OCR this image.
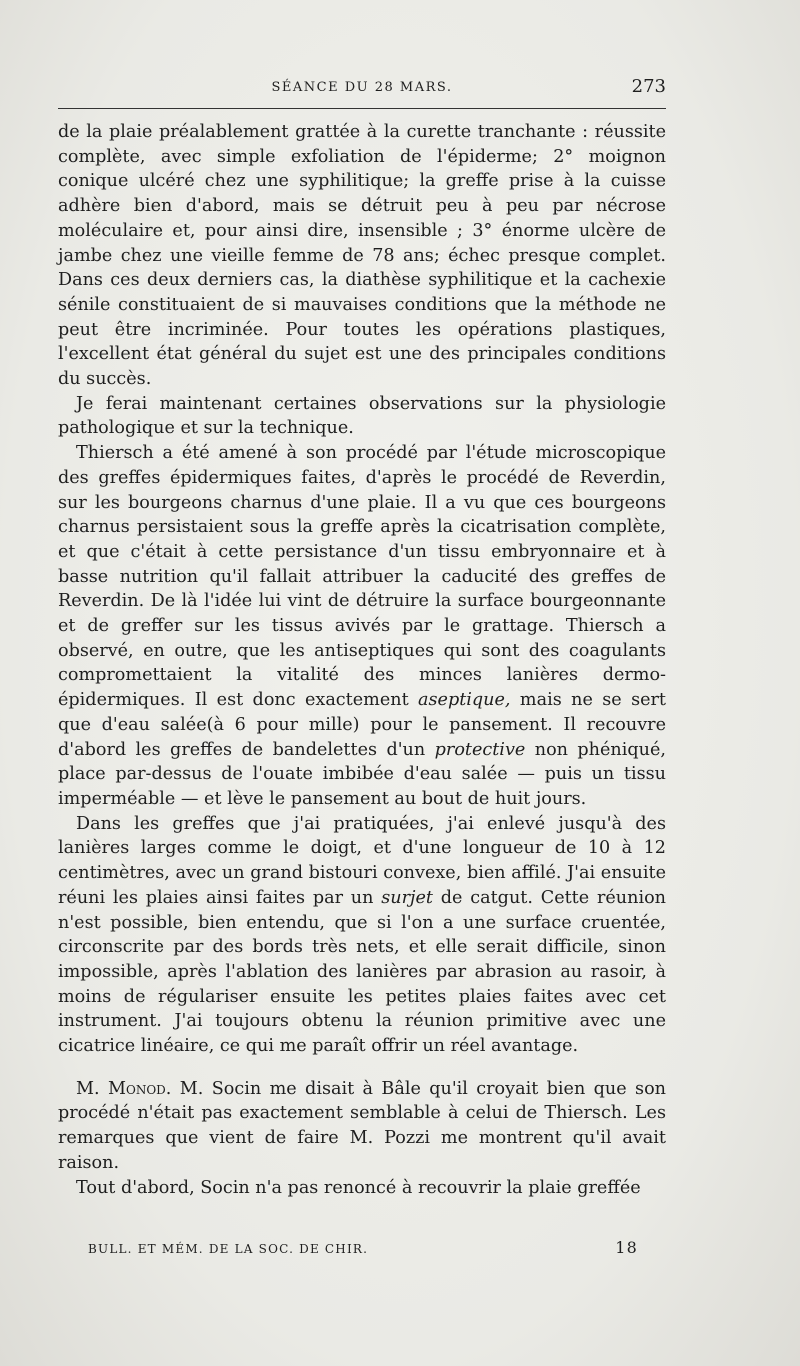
SÉANCE DU 28 MARS.	273

de la plaie préalablement grattée à la curette tranchante : réussite complète, avec simple exfoliation de l'épiderme; 2° moignon conique ulcéré chez une syphilitique; la greffe prise à la cuisse adhère bien d'abord, mais se détruit peu à peu par nécrose moléculaire et, pour ainsi dire, insensible ; 3° énorme ulcère de jambe chez une vieille femme de 78 ans; échec presque complet. Dans ces deux derniers cas, la diathèse syphilitique et la cachexie sénile constituaient de si mauvaises conditions que la méthode ne peut être incriminée. Pour toutes les opérations plastiques, l'excellent état général du sujet est une des principales conditions du succès.

Je ferai maintenant certaines observations sur la physiologie pathologique et sur la technique.

Thiersch a été amené à son procédé par l'étude microscopique des greffes épidermiques faites, d'après le procédé de Reverdin, sur les bourgeons charnus d'une plaie. Il a vu que ces bourgeons charnus persistaient sous la greffe après la cicatrisation complète, et que c'était à cette persistance d'un tissu embryonnaire et à basse nutrition qu'il fallait attribuer la caducité des greffes de Reverdin. De là l'idée lui vint de détruire la surface bourgeonnante et de greffer sur les tissus avivés par le grattage. Thiersch a observé, en outre, que les antiseptiques qui sont des coagulants compromettaient la vitalité des minces lanières dermo-épidermiques. Il est donc exactement aseptique, mais ne se sert que d'eau salée(à 6 pour mille) pour le pansement. Il recouvre d'abord les greffes de bandelettes d'un protective non phéniqué, place par-dessus de l'ouate imbibée d'eau salée — puis un tissu imperméable — et lève le pansement au bout de huit jours.

Dans les greffes que j'ai pratiquées, j'ai enlevé jusqu'à des lanières larges comme le doigt, et d'une longueur de 10 à 12 centimètres, avec un grand bistouri convexe, bien affilé. J'ai ensuite réuni les plaies ainsi faites par un surjet de catgut. Cette réunion n'est possible, bien entendu, que si l'on a une surface cruentée, circonscrite par des bords très nets, et elle serait difficile, sinon impossible, après l'ablation des lanières par abrasion au rasoir, à moins de régulariser ensuite les petites plaies faites avec cet instrument. J'ai toujours obtenu la réunion primitive avec une cicatrice linéaire, ce qui me paraît offrir un réel avantage.

M. Monod. M. Socin me disait à Bâle qu'il croyait bien que son procédé n'était pas exactement semblable à celui de Thiersch. Les remarques que vient de faire M. Pozzi me montrent qu'il avait raison.

Tout d'abord, Socin n'a pas renoncé à recouvrir la plaie greffée

BULL. ET MÉM. DE LA SOC. DE CHIR.	18
